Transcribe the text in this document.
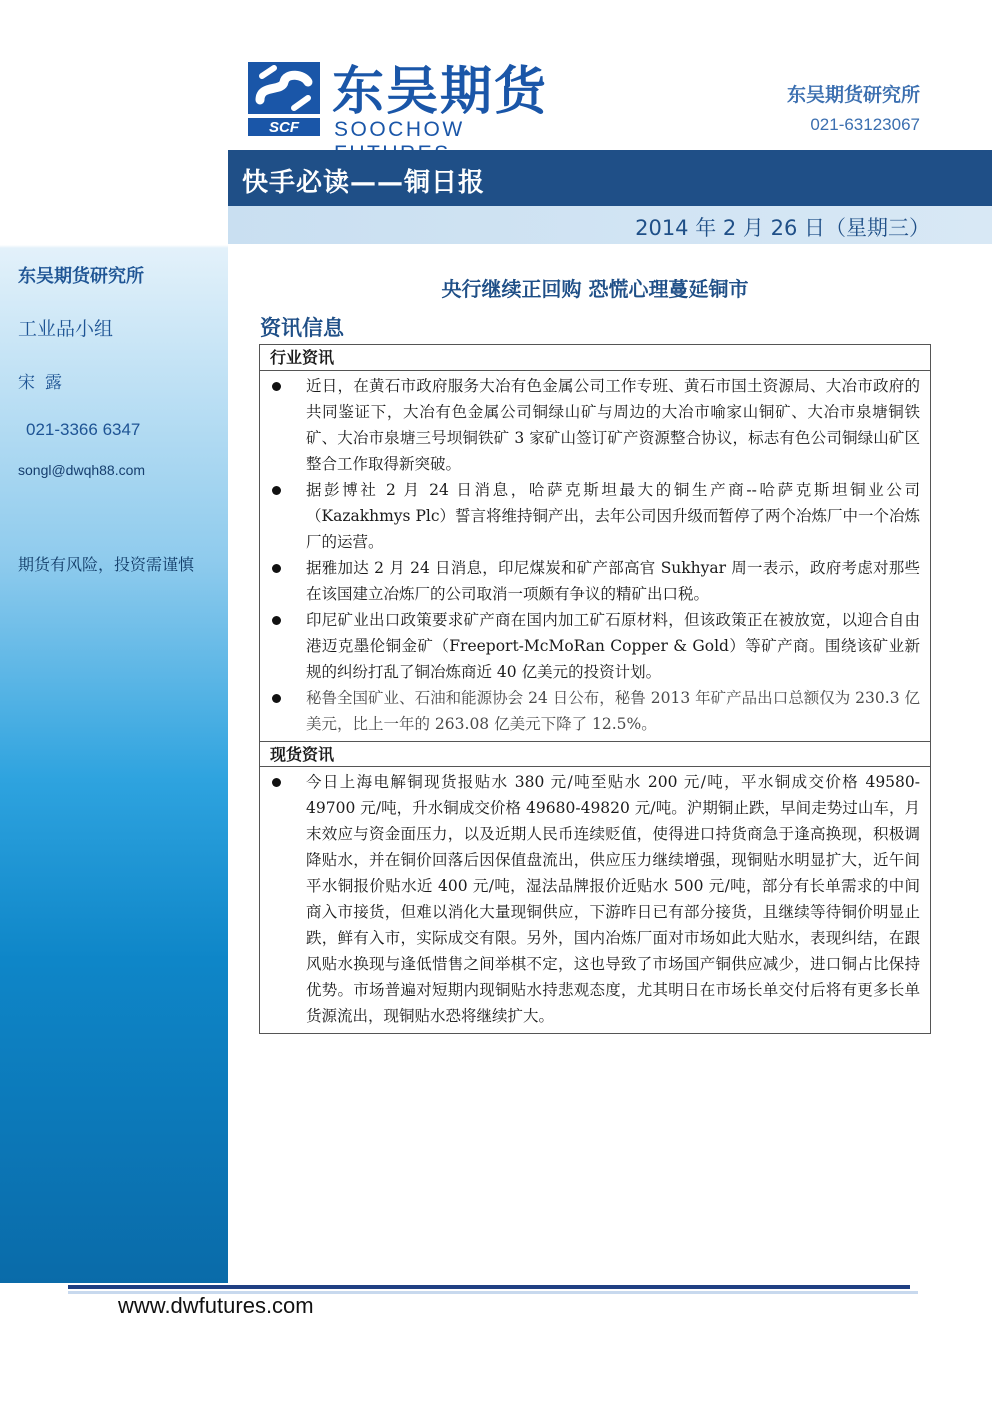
东吴期货研究所
工业品小组
宋露
021-3366 6347
songl@dwqh88.com
期货有风险，投资需谨慎
SCF
东吴期货
SOOCHOW
东吴期货研究所
021-63123067
快手必读——铜日报
2014 年 2 月 26 日（星期三）
央行继续正回购 恐慌心理蔓延铜市
资讯信息
行业资讯
近日，在黄石市政府服务大冶有色金属公司工作专班、黄石市国土资源局、大冶市政府的共同鉴证下，大冶有色金属公司铜绿山矿与周边的大冶市喻家山铜矿、大冶市泉塘铜铁矿、大冶市泉塘三号坝铜铁矿 3 家矿山签订矿产资源整合协议，标志有色公司铜绿山矿区整合工作取得新突破。
据彭博社 2 月 24 日消息，哈萨克斯坦最大的铜生产商--哈萨克斯坦铜业公司（Kazakhmys Plc）誓言将维持铜产出，去年公司因升级而暂停了两个冶炼厂中一个冶炼厂的运营。
据雅加达 2 月 24 日消息，印尼煤炭和矿产部高官 Sukhyar 周一表示，政府考虑对那些在该国建立冶炼厂的公司取消一项颇有争议的精矿出口税。
印尼矿业出口政策要求矿产商在国内加工矿石原材料，但该政策正在被放宽，以迎合自由港迈克墨伦铜金矿（Freeport-McMoRan Copper & Gold）等矿产商。围绕该矿业新规的纠纷打乱了铜冶炼商近 40 亿美元的投资计划。
秘鲁全国矿业、石油和能源协会 24 日公布，秘鲁 2013 年矿产品出口总额仅为 230.3 亿美元，比上一年的 263.08 亿美元下降了 12.5%。
现货资讯
今日上海电解铜现货报贴水 380 元/吨至贴水 200 元/吨，平水铜成交价格 49580-49700 元/吨，升水铜成交价格 49680-49820 元/吨。沪期铜止跌，早间走势过山车，月末效应与资金面压力，以及近期人民币连续贬值，使得进口持货商急于逢高换现，积极调降贴水，并在铜价回落后因保值盘流出，供应压力继续增强，现铜贴水明显扩大，近午间平水铜报价贴水近 400 元/吨，湿法品牌报价近贴水 500 元/吨，部分有长单需求的中间商入市接货，但难以消化大量现铜供应，下游昨日已有部分接货，且继续等待铜价明显止跌，鲜有入市，实际成交有限。另外，国内冶炼厂面对市场如此大贴水，表现纠结，在跟风贴水换现与逢低惜售之间举棋不定，这也导致了市场国产铜供应减少，进口铜占比保持优势。市场普遍对短期内现铜贴水持悲观态度，尤其明日在市场长单交付后将有更多长单货源流出，现铜贴水恐将继续扩大。
www.dwfutures.com
